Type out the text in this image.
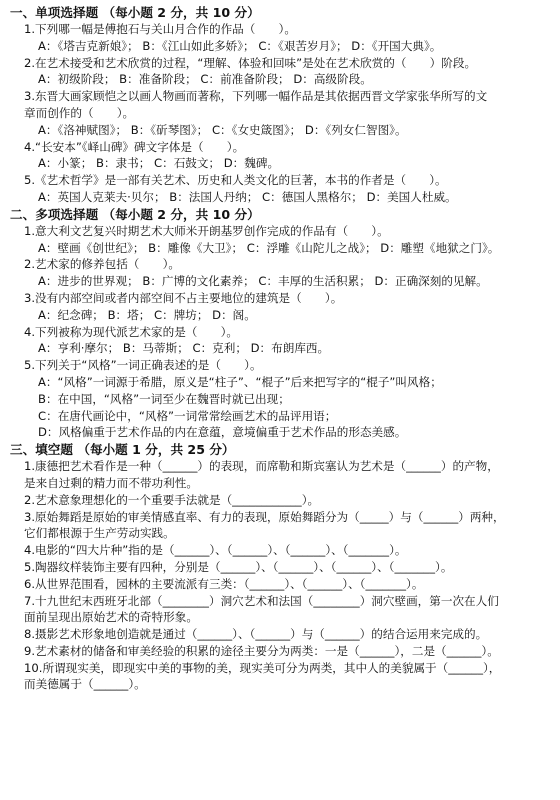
一、单项选择题 （每小题 2 分，共 10 分）
1.下列哪一幅是傅抱石与关山月合作的作品（　　）。
A：《塔吉克新娘》； B：《江山如此多娇》； C：《艰苦岁月》； D：《开国大典》。
2.在艺术接受和艺术欣赏的过程，“理解、体验和回味”是处在艺术欣赏的（　　）阶段。
A：初级阶段； B：准备阶段； C：前准备阶段； D：高级阶段。
3.东晋大画家顾恺之以画人物画而著称，下列哪一幅作品是其依据西晋文学家张华所写的文
章而创作的（　　）。
A：《洛神赋图》； B：《斫琴图》； C：《女史箴图》； D：《列女仁智图》。
4.“长安本”《峄山碑》碑文字体是（　　）。
A：小篆； B：隶书； C：石鼓文； D：魏碑。
5.《艺术哲学》是一部有关艺术、历史和人类文化的巨著，本书的作者是（　　）。
A：英国人克莱夫·贝尔； B：法国人丹纳； C：德国人黑格尔； D：美国人杜威。
二、多项选择题 （每小题 2 分，共 10 分）
1.意大利文艺复兴时期艺术大师米开朗基罗创作完成的作品有（　　）。
A：壁画《创世纪》； B：雕像《大卫》； C：浮雕《山陀儿之战》； D：雕塑《地狱之门》。
2.艺术家的修养包括（　　）。
A：进步的世界观； B：广博的文化素养； C：丰厚的生活积累； D：正确深刻的见解。
3.没有内部空间或者内部空间不占主要地位的建筑是（　　）。
A：纪念碑； B：塔； C：牌坊； D：阁。
4.下列被称为现代派艺术家的是（　　）。
A：亨利·摩尔； B：马蒂斯； C：克利； D：布朗库西。
5.下列关于“风格”一词正确表述的是（　　）。
A：“风格”一词源于希腊，原义是“柱子”、“棍子”后来把写字的“棍子”叫风格；
B：在中国，“风格”一词至少在魏晋时就已出现；
C：在唐代画论中，“风格”一词常常绘画艺术的品评用语；
D：风格偏重于艺术作品的内在意蕴，意境偏重于艺术作品的形态美感。
三、填空题 （每小题 1 分，共 25 分）
1.康德把艺术看作是一种（______）的表现，而席勒和斯宾塞认为艺术是（______）的产物，
是来自过剩的精力而不带功利性。
2.艺术意象理想化的一个重要手法就是（____________）。
3.原始舞蹈是原始的审美情感直率、有力的表现，原始舞蹈分为（_____）与（______）两种，
它们都根源于生产劳动实践。
4.电影的“四大片种”指的是（______）、（______）、（______）、（_______）。
5.陶器纹样装饰主要有四种，分别是（______）、（______）、（______）、（_______）。
6.从世界范围看，园林的主要流派有三类：（______）、（______）、（_______）。
7.十九世纪末西班牙北部（________）洞穴艺术和法国（________）洞穴壁画，第一次在人们
面前呈现出原始艺术的奇特形象。
8.摄影艺术形象地创造就是通过（______）、（______）与（______）的结合运用来完成的。
9.艺术素材的储备和审美经验的积累的途径主要分为两类：一是（______），二是（______）。
10.所谓现实美，即现实中美的事物的美，现实美可分为两类，其中人的美貌属于（______），
而美德属于（______）。
